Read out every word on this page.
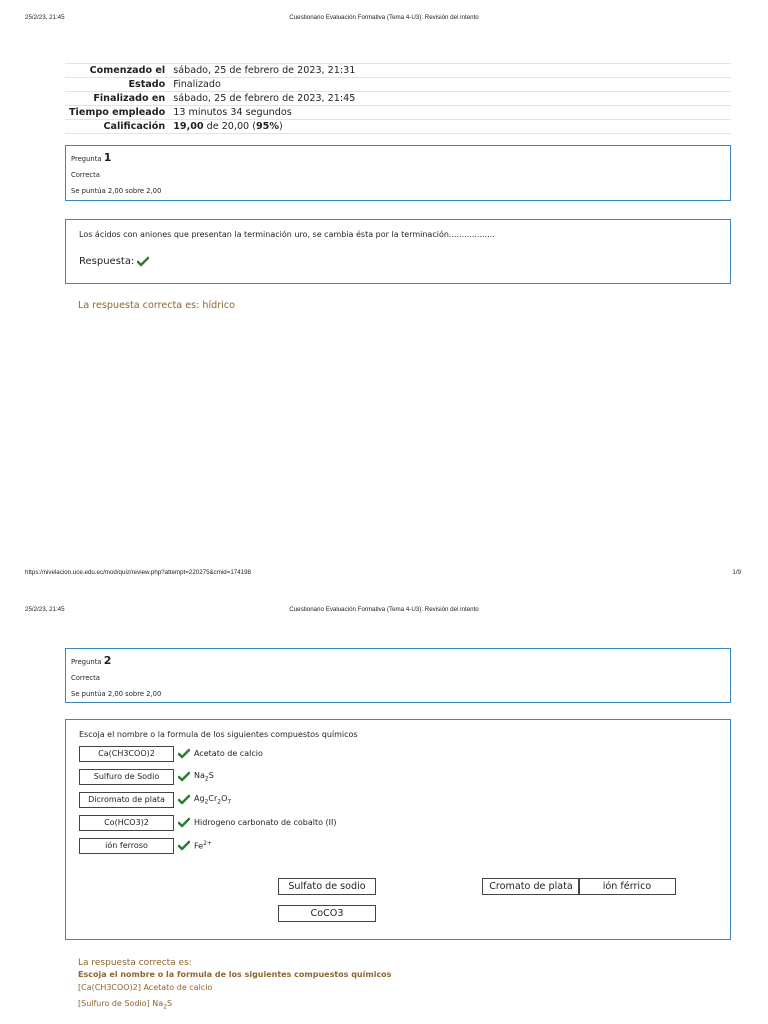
25/2/23, 21:45	Cuestionario Evaluación Formativa (Tema 4-U3): Revisión del intento
Comenzado el	sábado, 25 de febrero de 2023, 21:31
Estado	Finalizado
Finalizado en	sábado, 25 de febrero de 2023, 21:45
Tiempo empleado	13 minutos 34 segundos
Calificación	19,00 de 20,00 (95%)
Pregunta 1
Correcta
Se puntúa 2,00 sobre 2,00
Los ácidos con aniones que presentan la terminación uro, se cambia ésta por la terminación..................
Respuesta:
La respuesta correcta es: hídrico
https://nivelacion.uce.edu.ec/mod/quiz/review.php?attempt=220275&cmid=174198	1/9
25/2/23, 21:45	Cuestionario Evaluación Formativa (Tema 4-U3): Revisión del intento
Pregunta 2
Correcta
Se puntúa 2,00 sobre 2,00
Escoja el nombre o la formula de los siguientes compuestos químicos
Ca(CH3COO)2	Acetato de calcio
Sulfuro de Sodio	$Na_2S$
Dicromato de plata	$Ag_2Cr_2O_7$
Co(HCO3)2	Hidrogeno carbonato de cobalto (II)
ión ferroso	$Fe^{2+}$
Sulfato de sodio	Cromato de plata	ión férrico
CoCO3
La respuesta correcta es:
Escoja el nombre o la formula de los siguientes compuestos químicos
[Ca(CH3COO)2] Acetato de calcio
[Sulfuro de Sodio] $Na_2S$
